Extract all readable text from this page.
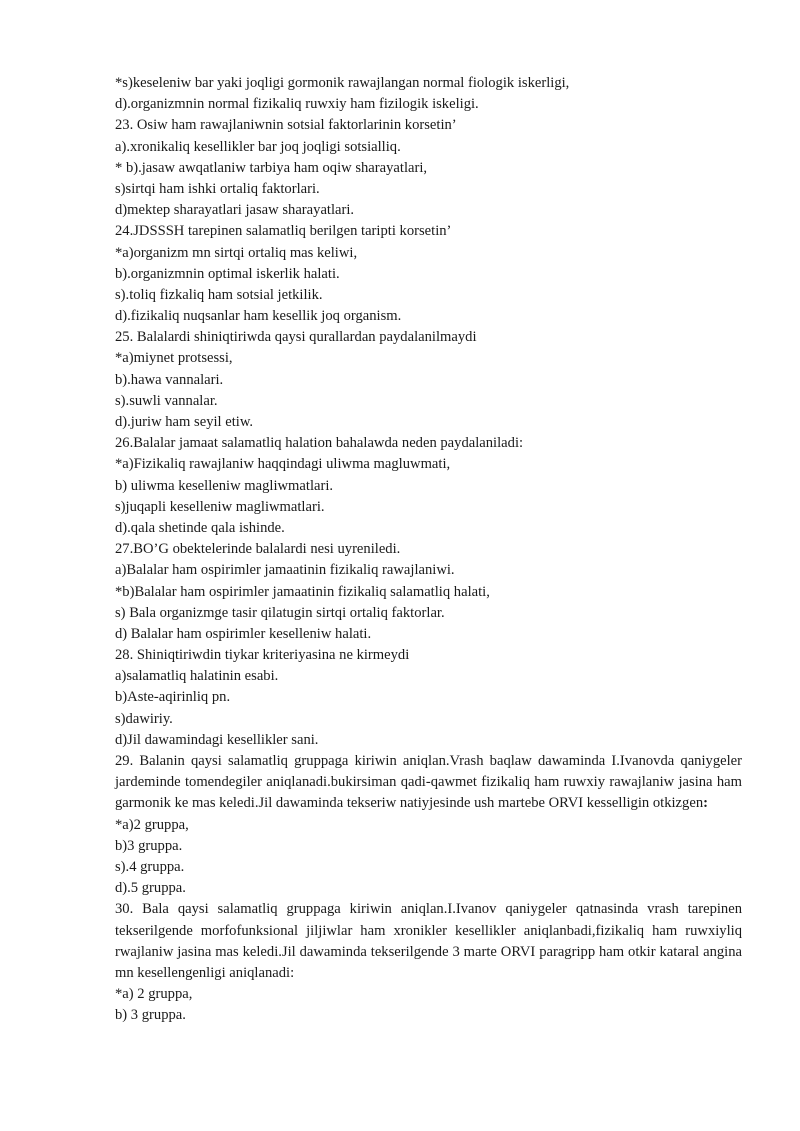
*s)keseleniw bar yaki joqligi gormonik rawajlangan normal fiologik iskerligi,
d).organizmnin normal fizikaliq ruwxiy ham fizilogik iskeligi.
23. Osiw ham rawajlaniwnin sotsial faktorlarinin korsetin’
a).xronikaliq kesellikler bar joq joqligi sotsialliq.
* b).jasaw awqatlaniw tarbiya ham oqiw sharayatlari,
s)sirtqi ham ishki ortaliq faktorlari.
d)mektep sharayatlari jasaw sharayatlari.
24.JDSSSH tarepinen salamatliq berilgen taripti korsetin’
*a)organizm mn sirtqi ortaliq mas keliwi,
b).organizmnin optimal iskerlik halati.
s).toliq fizkaliq ham sotsial jetkilik.
d).fizikaliq nuqsanlar ham kesellik joq organism.
25. Balalardi shiniqtiriwda qaysi qurallardan paydalanilmaydi
*a)miynet protsessi,
b).hawa vannalari.
s).suwli vannalar.
d).juriw ham seyil etiw.
26.Balalar jamaat salamatliq halation bahalawda neden paydalaniladi:
*a)Fizikaliq rawajlaniw haqqindagi uliwma magluwmati,
b) uliwma keselleniw magliwmatlari.
s)juqapli keselleniw magliwmatlari.
d).qala shetinde qala ishinde.
27.BO’G obektelerinde balalardi nesi uyreniledi.
a)Balalar ham ospirimler jamaatinin fizikaliq rawajlaniwi.
*b)Balalar ham ospirimler jamaatinin fizikaliq salamatliq halati,
s) Bala organizmge tasir qilatugin sirtqi ortaliq faktorlar.
d) Balalar ham ospirimler keselleniw halati.
28. Shiniqtiriwdin tiykar kriteriyasina ne kirmeydi
a)salamatliq halatinin esabi.
b)Aste-aqirinliq pn.
s)dawiriy.
d)Jil dawamindagi kesellikler sani.
29. Balanin qaysi salamatliq gruppaga kiriwin aniqlan.Vrash baqlaw dawaminda I.Ivanovda qaniygeler jardeminde tomendegiler aniqlanadi.bukirsiman qadi-qawmet fizikaliq ham ruwxiy rawajlaniw jasina ham garmonik ke mas keledi.Jil dawaminda tekseriw natiyjesinde ush martebe ORVI kesselligin otkizgen:
*a)2 gruppa,
b)3 gruppa.
s).4 gruppa.
d).5 gruppa.
30. Bala qaysi salamatliq gruppaga kiriwin aniqlan.I.Ivanov qaniygeler qatnasinda vrash tarepinen tekserilgende morfofunksional jiljiwlar ham xronikler kesellikler aniqlanbadi,fizikaliq ham ruwxiyliq rwajlaniw jasina mas keledi.Jil dawaminda tekserilgende 3 marte ORVI paragripp ham otkir kataral angina mn kesellengenligi aniqlanadi:
*a) 2 gruppa,
b) 3 gruppa.
